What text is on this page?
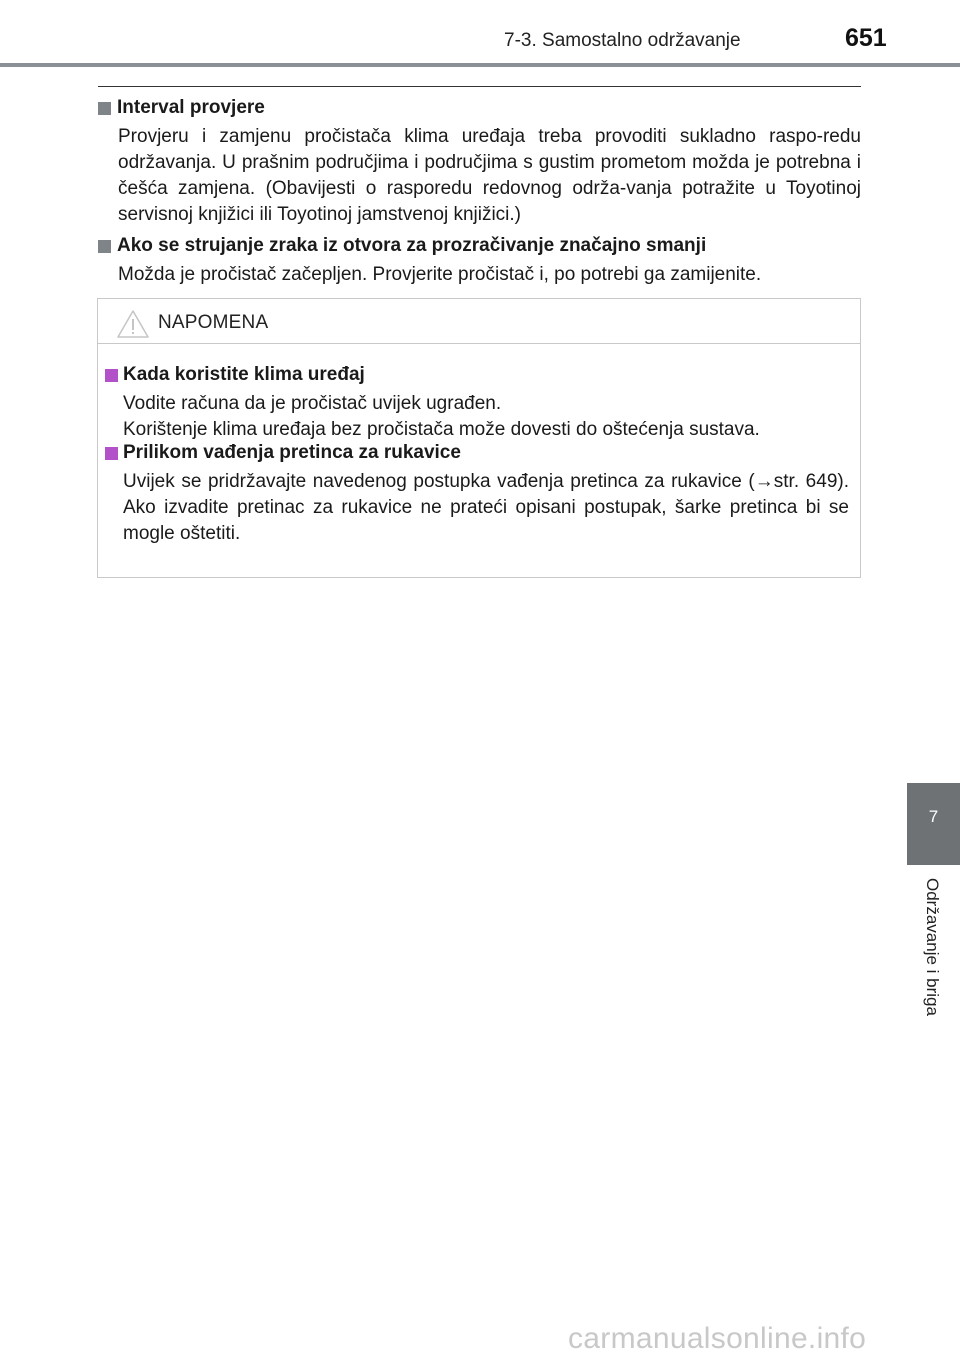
7-3. Samostalno održavanje	651
Interval provjere
Provjeru i zamjenu pročistača klima uređaja treba provoditi sukladno raspo-redu održavanja. U prašnim područjima i područjima s gustim prometom možda je potrebna i češća zamjena. (Obavijesti o rasporedu redovnog održa-vanja potražite u Toyotinoj servisnoj knjižici ili Toyotinoj jamstvenoj knjižici.)
Ako se strujanje zraka iz otvora za prozračivanje značajno smanji
Možda je pročistač začepljen. Provjerite pročistač i, po potrebi ga zamijenite.
NAPOMENA
Kada koristite klima uređaj
Vodite računa da je pročistač uvijek ugrađen.
Korištenje klima uređaja bez pročistača može dovesti do oštećenja sustava.
Prilikom vađenja pretinca za rukavice
Uvijek se pridržavajte navedenog postupka vađenja pretinca za rukavice (→str. 649). Ako izvadite pretinac za rukavice ne prateći opisani postupak, šarke pretinca bi se mogle oštetiti.
7
Održavanje i briga
carmanualsonline.info
